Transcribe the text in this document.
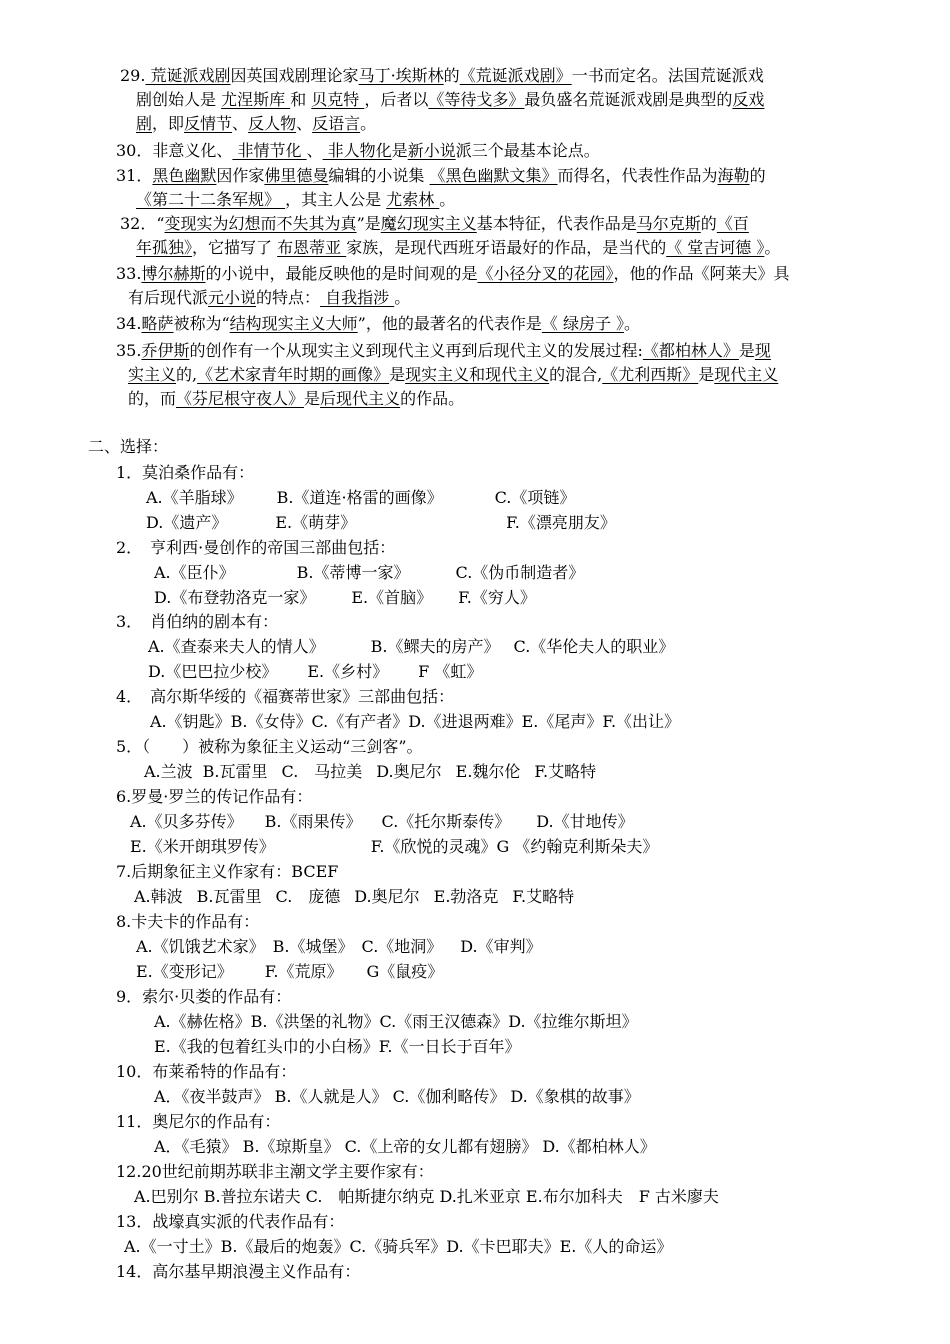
29. 荒诞派戏剧因英国戏剧理论家马丁·埃斯林的《荒诞派戏剧》一书而定名。法国荒诞派戏
剧创始人是 尤涅斯库 和 贝克特 ，后者以《等待戈多》最负盛名荒诞派戏剧是典型的反戏
剧，即反情节、反人物、反语言。
30．非意义化、 非情节化 、 非人物化是新小说派三个最基本论点。
31．黑色幽默因作家佛里德曼编辑的小说集 《黑色幽默文集》而得名，代表性作品为海勒的
《第二十二条军规》 ，其主人公是 尤索林 。
32．“变现实为幻想而不失其为真”是魔幻现实主义基本特征，代表作品是马尔克斯的《百
年孤独》，它描写了 布恩蒂亚 家族，是现代西班牙语最好的作品，是当代的《 堂吉诃德 》。
33.博尔赫斯的小说中，最能反映他的是时间观的是《小径分叉的花园》，他的作品《阿莱夫》具
有后现代派元小说的特点： 自我指涉 。
34.略萨被称为“结构现实主义大师”，他的最著名的代表作是《 绿房子 》。
35.乔伊斯的创作有一个从现实主义到现代主义再到后现代主义的发展过程:《都柏林人》是现
实主义的,《艺术家青年时期的画像》是现实主义和现代主义的混合,《尤利西斯》是现代主义
的，而《芬尼根守夜人》是后现代主义的作品。
二、选择：
1．莫泊桑作品有：
A.《羊脂球》 B.《道连·格雷的画像》	C.《项链》
D.《遗产》	E.《萌芽》	F.《漂亮朋友》
2．　亨利西·曼创作的帝国三部曲包括：
A.《臣仆》	B.《蒂博一家》	C.《伪币制造者》
D.《布登勃洛克一家》 E.《首脑》 F.《穷人》
3．　肖伯纳的剧本有：
A.《查泰来夫人的情人》	B.《鳏夫的房产》 C.《华伦夫人的职业》
D.《巴巴拉少校》 E.《乡村》 F 《虹》
4．　高尔斯华绥的《福赛蒂世家》三部曲包括：
A.《钥匙》B.《女侍》C.《有产者》D.《进退两难》E.《尾声》F.《出让》
5．（　　）被称为象征主义运动“三剑客”。
A.兰波 B.瓦雷里 C.　马拉美 D.奥尼尔 E.魏尔伦 F.艾略特
6.罗曼·罗兰的传记作品有：
A.《贝多芬传》 B.《雨果传》 C.《托尔斯泰传》 D.《甘地传》
E.《米开朗琪罗传》	F.《欣悦的灵魂》G 《约翰克利斯朵夫》
7.后期象征主义作家有：BCEF
A.韩波 B.瓦雷里 C.　庞德 D.奥尼尔 E.勃洛克 F.艾略特
8.卡夫卡的作品有：
A.《饥饿艺术家》 B.《城堡》 C.《地洞》 D.《审判》
E.《变形记》 F.《荒原》 G《鼠疫》
9．索尔·贝娄的作品有：
A.《赫佐格》B.《洪堡的礼物》C.《雨王汉德森》D.《拉维尔斯坦》
E.《我的包着红头巾的小白杨》F.《一日长于百年》
10．布莱希特的作品有：
A．《夜半鼓声》 B.《人就是人》 C.《伽利略传》 D.《象棋的故事》
11．奥尼尔的作品有：
A．《毛猿》 B.《琼斯皇》 C.《上帝的女儿都有翅膀》 D.《都柏林人》
12.20世纪前期苏联非主潮文学主要作家有：
A.巴别尔 B.普拉东诺夫 C.　帕斯捷尔纳克 D.扎米亚京 E.布尔加科夫　F 古米廖夫
13．战壕真实派的代表作品有：
A.《一寸土》B.《最后的炮轰》C.《骑兵军》D.《卡巴耶夫》E.《人的命运》
14．高尔基早期浪漫主义作品有：
